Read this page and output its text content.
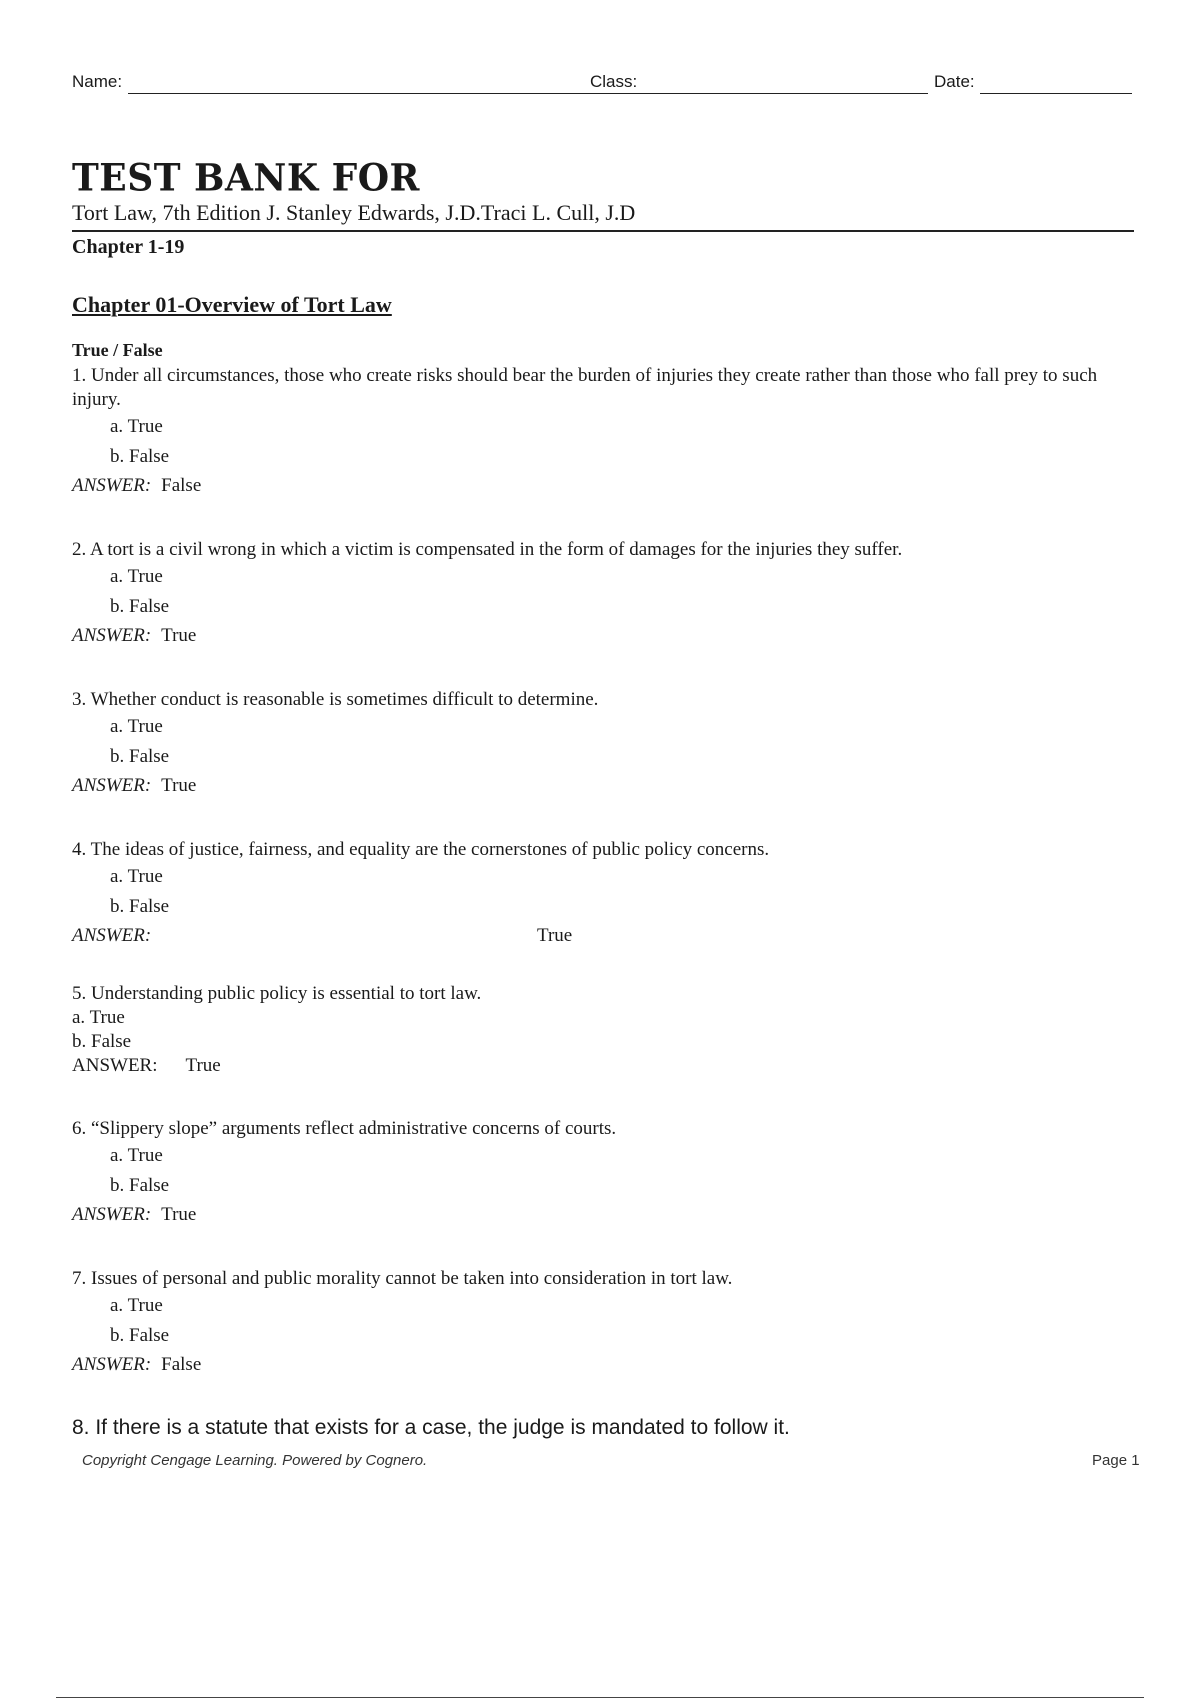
Name:	Class:	Date:
TEST BANK FOR
Tort Law, 7th Edition J. Stanley Edwards, J.D.Traci L. Cull, J.D
Chapter 1-19
Chapter 01-Overview of Tort Law
True / False

1. Under all circumstances, those who create risks should bear the burden of injuries they create rather than those who fall prey to such injury.

a. True

b. False

ANSWER: False

2. A tort is a civil wrong in which a victim is compensated in the form of damages for the injuries they suffer.

a. True

b. False

ANSWER: True

3. Whether conduct is reasonable is sometimes difficult to determine.

a. True

b. False

ANSWER: True

4. The ideas of justice, fairness, and equality are the cornerstones of public policy concerns.

a. True

b. False

ANSWER:	True

5. Understanding public policy is essential to tort law.

a. True

b. False

ANSWER: True

6. “Slippery slope” arguments reflect administrative concerns of courts.

a. True

b. False

ANSWER: True

7. Issues of personal and public morality cannot be taken into consideration in tort law.

a. True

b. False

ANSWER: False
8. If there is a statute that exists for a case, the judge is mandated to follow it.
Copyright Cengage Learning. Powered by Cognero.	Page 1
